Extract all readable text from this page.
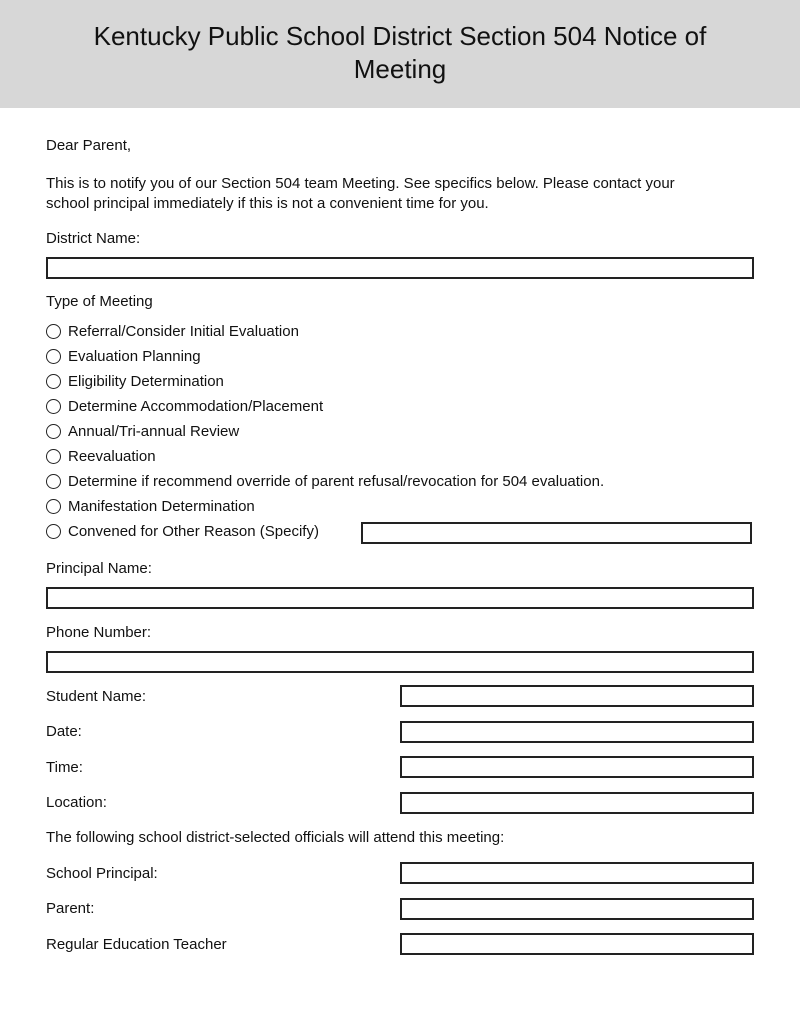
Kentucky Public School District Section 504 Notice of
Meeting
Dear Parent,
This is to notify you of our Section 504 team Meeting. See specifics below. Please contact your
school principal immediately if this is not a convenient time for you.
District Name:
Type of Meeting
Referral/Consider Initial Evaluation
Evaluation Planning
Eligibility Determination
Determine Accommodation/Placement
Annual/Tri-annual Review
Reevaluation
Determine if recommend override of parent refusal/revocation for 504 evaluation.
Manifestation Determination
Convened for Other Reason (Specify)
Principal Name:
Phone Number:
Student Name:
Date:
Time:
Location:
The following school district-selected officials will attend this meeting:
School Principal:
Parent:
Regular Education Teacher
